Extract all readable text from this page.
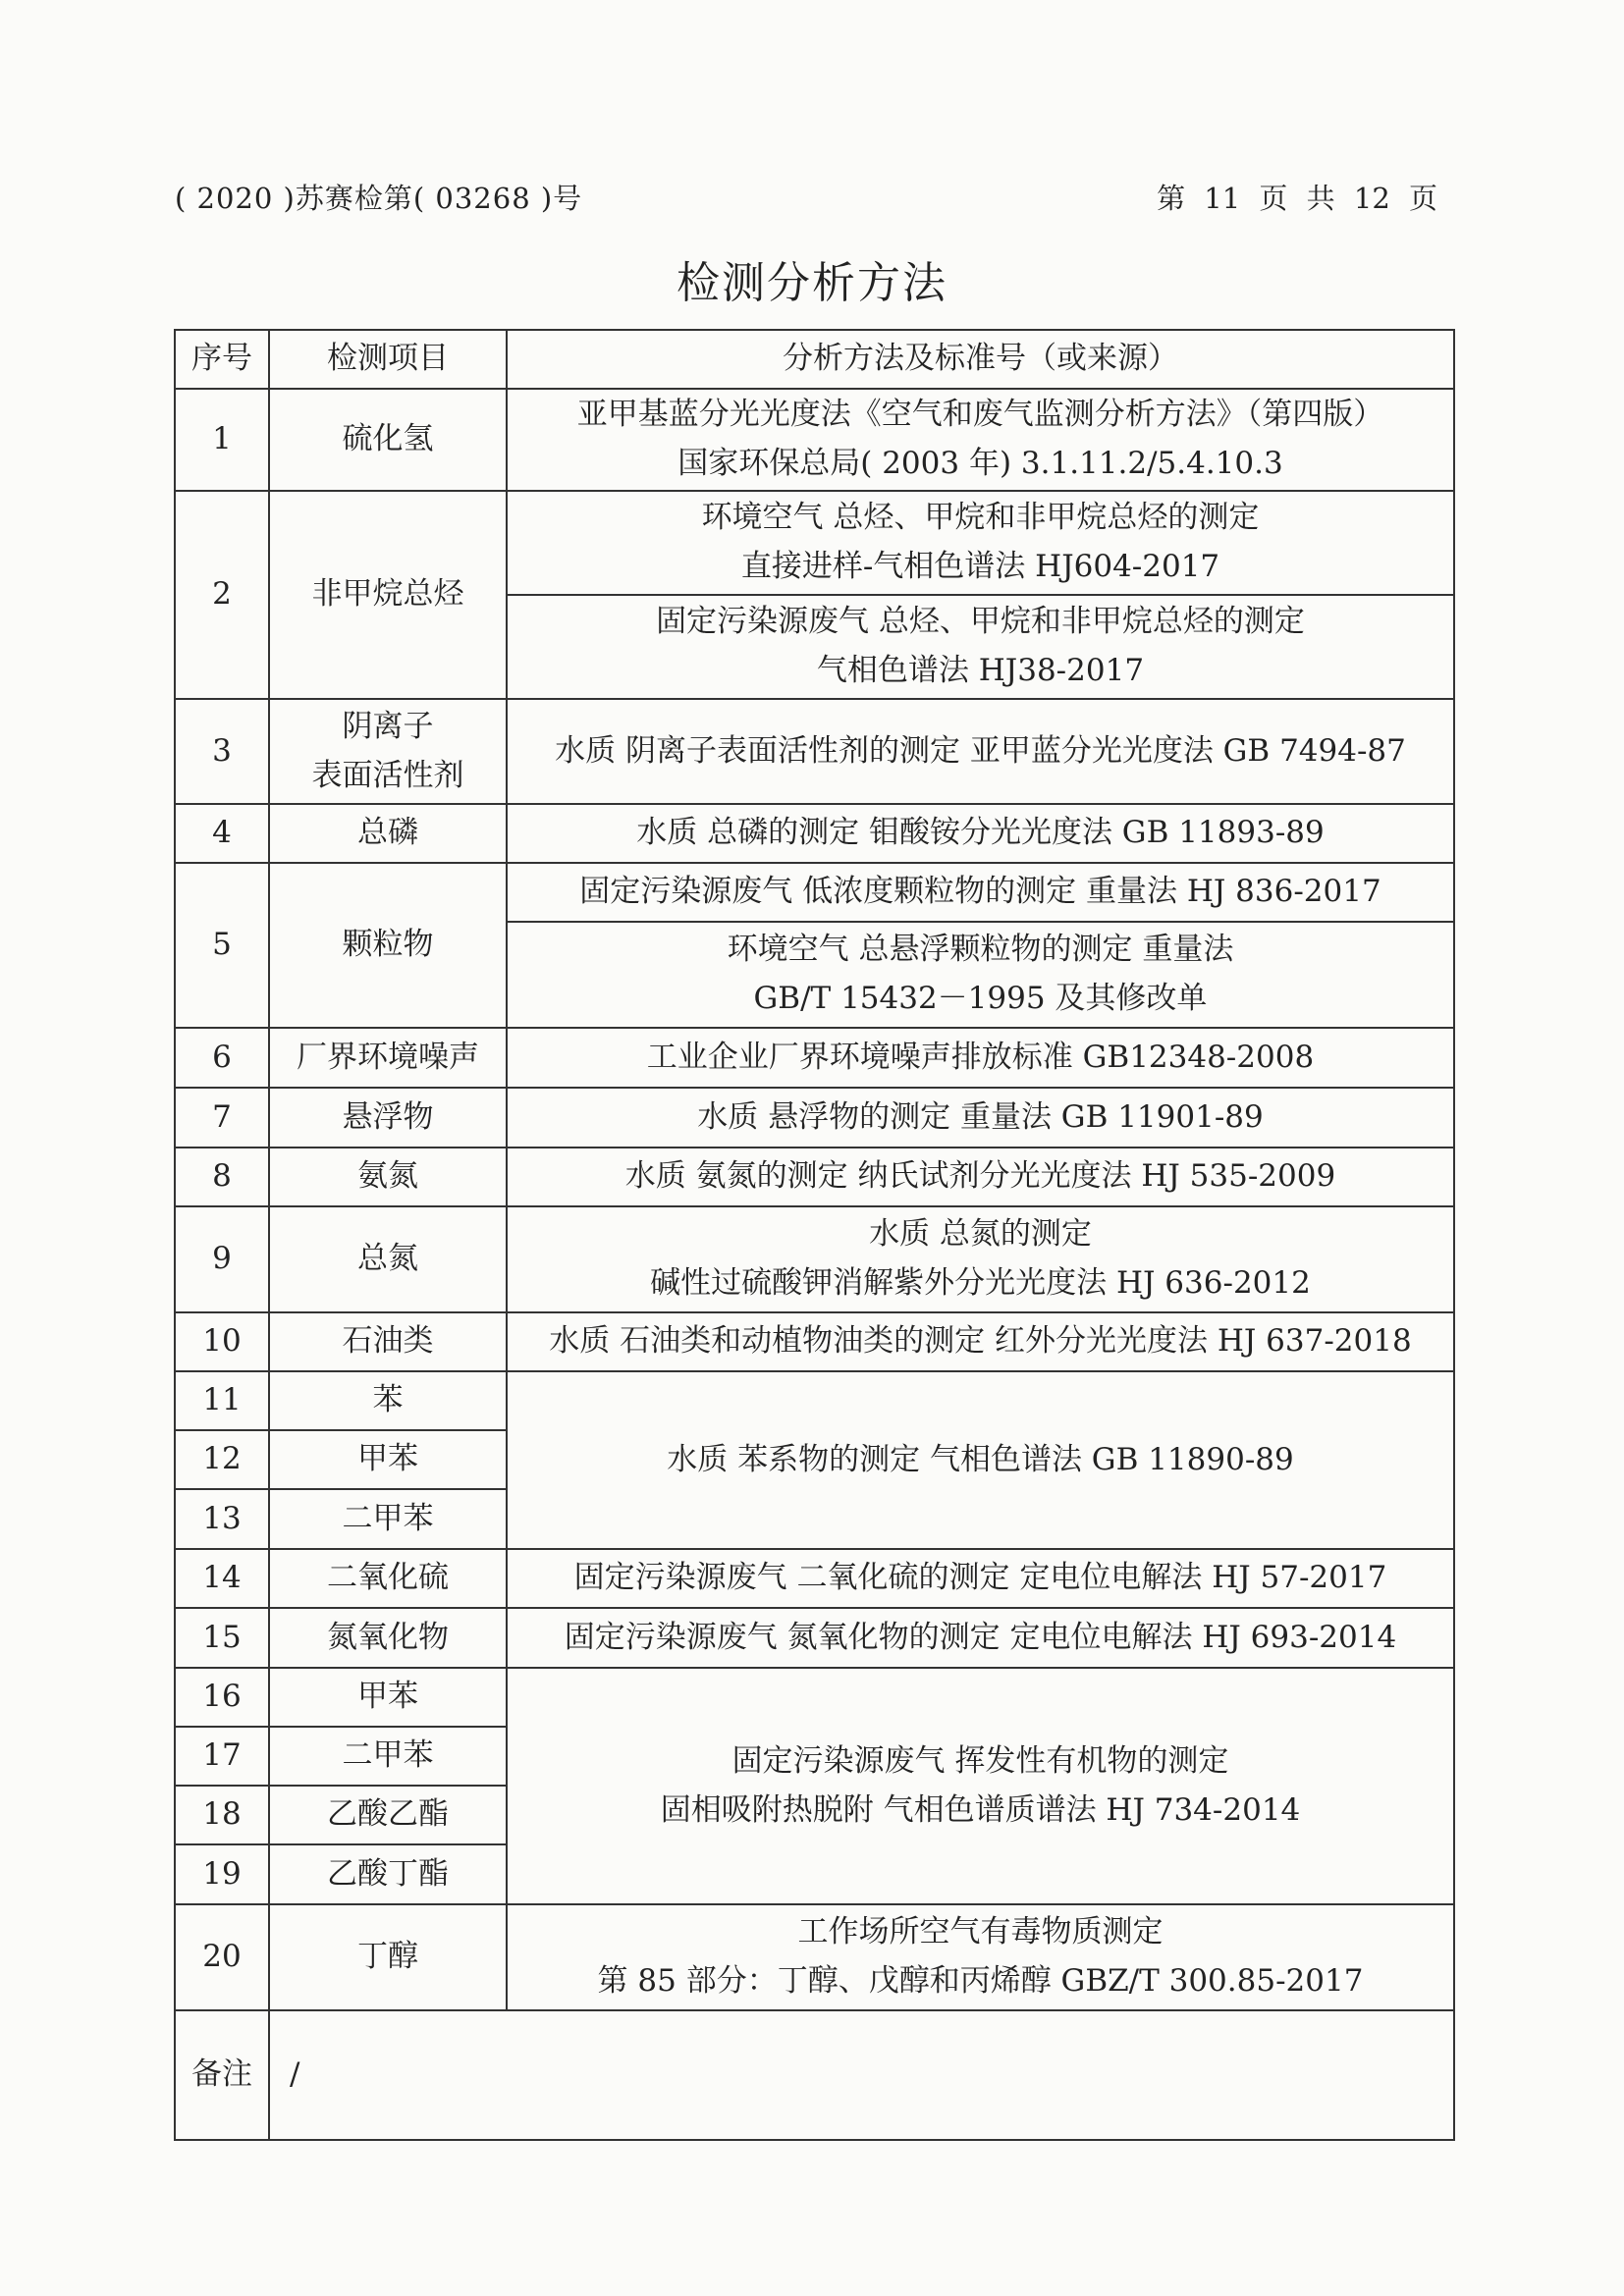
( 2020 )苏赛检第( 03268 )号	第 11 页 共 12 页
检测分析方法
序号	检测项目	分析方法及标准号（或来源）
1	硫化氢	亚甲基蓝分光光度法《空气和废气监测分析方法》（第四版）
国家环保总局( 2003 年) 3.1.11.2/5.4.10.3

2	非甲烷总烃	环境空气 总烃、甲烷和非甲烷总烃的测定
直接进样-气相色谱法 HJ604-2017

		固定污染源废气 总烃、甲烷和非甲烷总烃的测定
气相色谱法 HJ38-2017

3	阴离子
表面活性剂	水质 阴离子表面活性剂的测定 亚甲蓝分光光度法 GB 7494-87
4	总磷	水质 总磷的测定 钼酸铵分光光度法 GB 11893-89
5	颗粒物	固定污染源废气 低浓度颗粒物的测定 重量法 HJ 836-2017

		环境空气 总悬浮颗粒物的测定 重量法
GB/T 15432－1995 及其修改单

6	厂界环境噪声	工业企业厂界环境噪声排放标准 GB12348-2008
7	悬浮物	水质 悬浮物的测定 重量法 GB 11901-89
8	氨氮	水质 氨氮的测定 纳氏试剂分光光度法 HJ 535-2009
9	总氮	水质 总氮的测定
碱性过硫酸钾消解紫外分光光度法 HJ 636-2012

10	石油类	水质 石油类和动植物油类的测定 红外分光光度法 HJ 637-2018
11	苯	水质 苯系物的测定 气相色谱法 GB 11890-89
12	甲苯	
13	二甲苯	
14	二氧化硫	固定污染源废气 二氧化硫的测定 定电位电解法 HJ 57-2017
15	氮氧化物	固定污染源废气 氮氧化物的测定 定电位电解法 HJ 693-2014
16	甲苯	固定污染源废气 挥发性有机物的测定
固相吸附热脱附 气相色谱质谱法 HJ 734-2014

17	二甲苯	
18	乙酸乙酯	
19	乙酸丁酯	
20	丁醇	工作场所空气有毒物质测定
第 85 部分：丁醇、戊醇和丙烯醇 GBZ/T 300.85-2017

备注	/	
